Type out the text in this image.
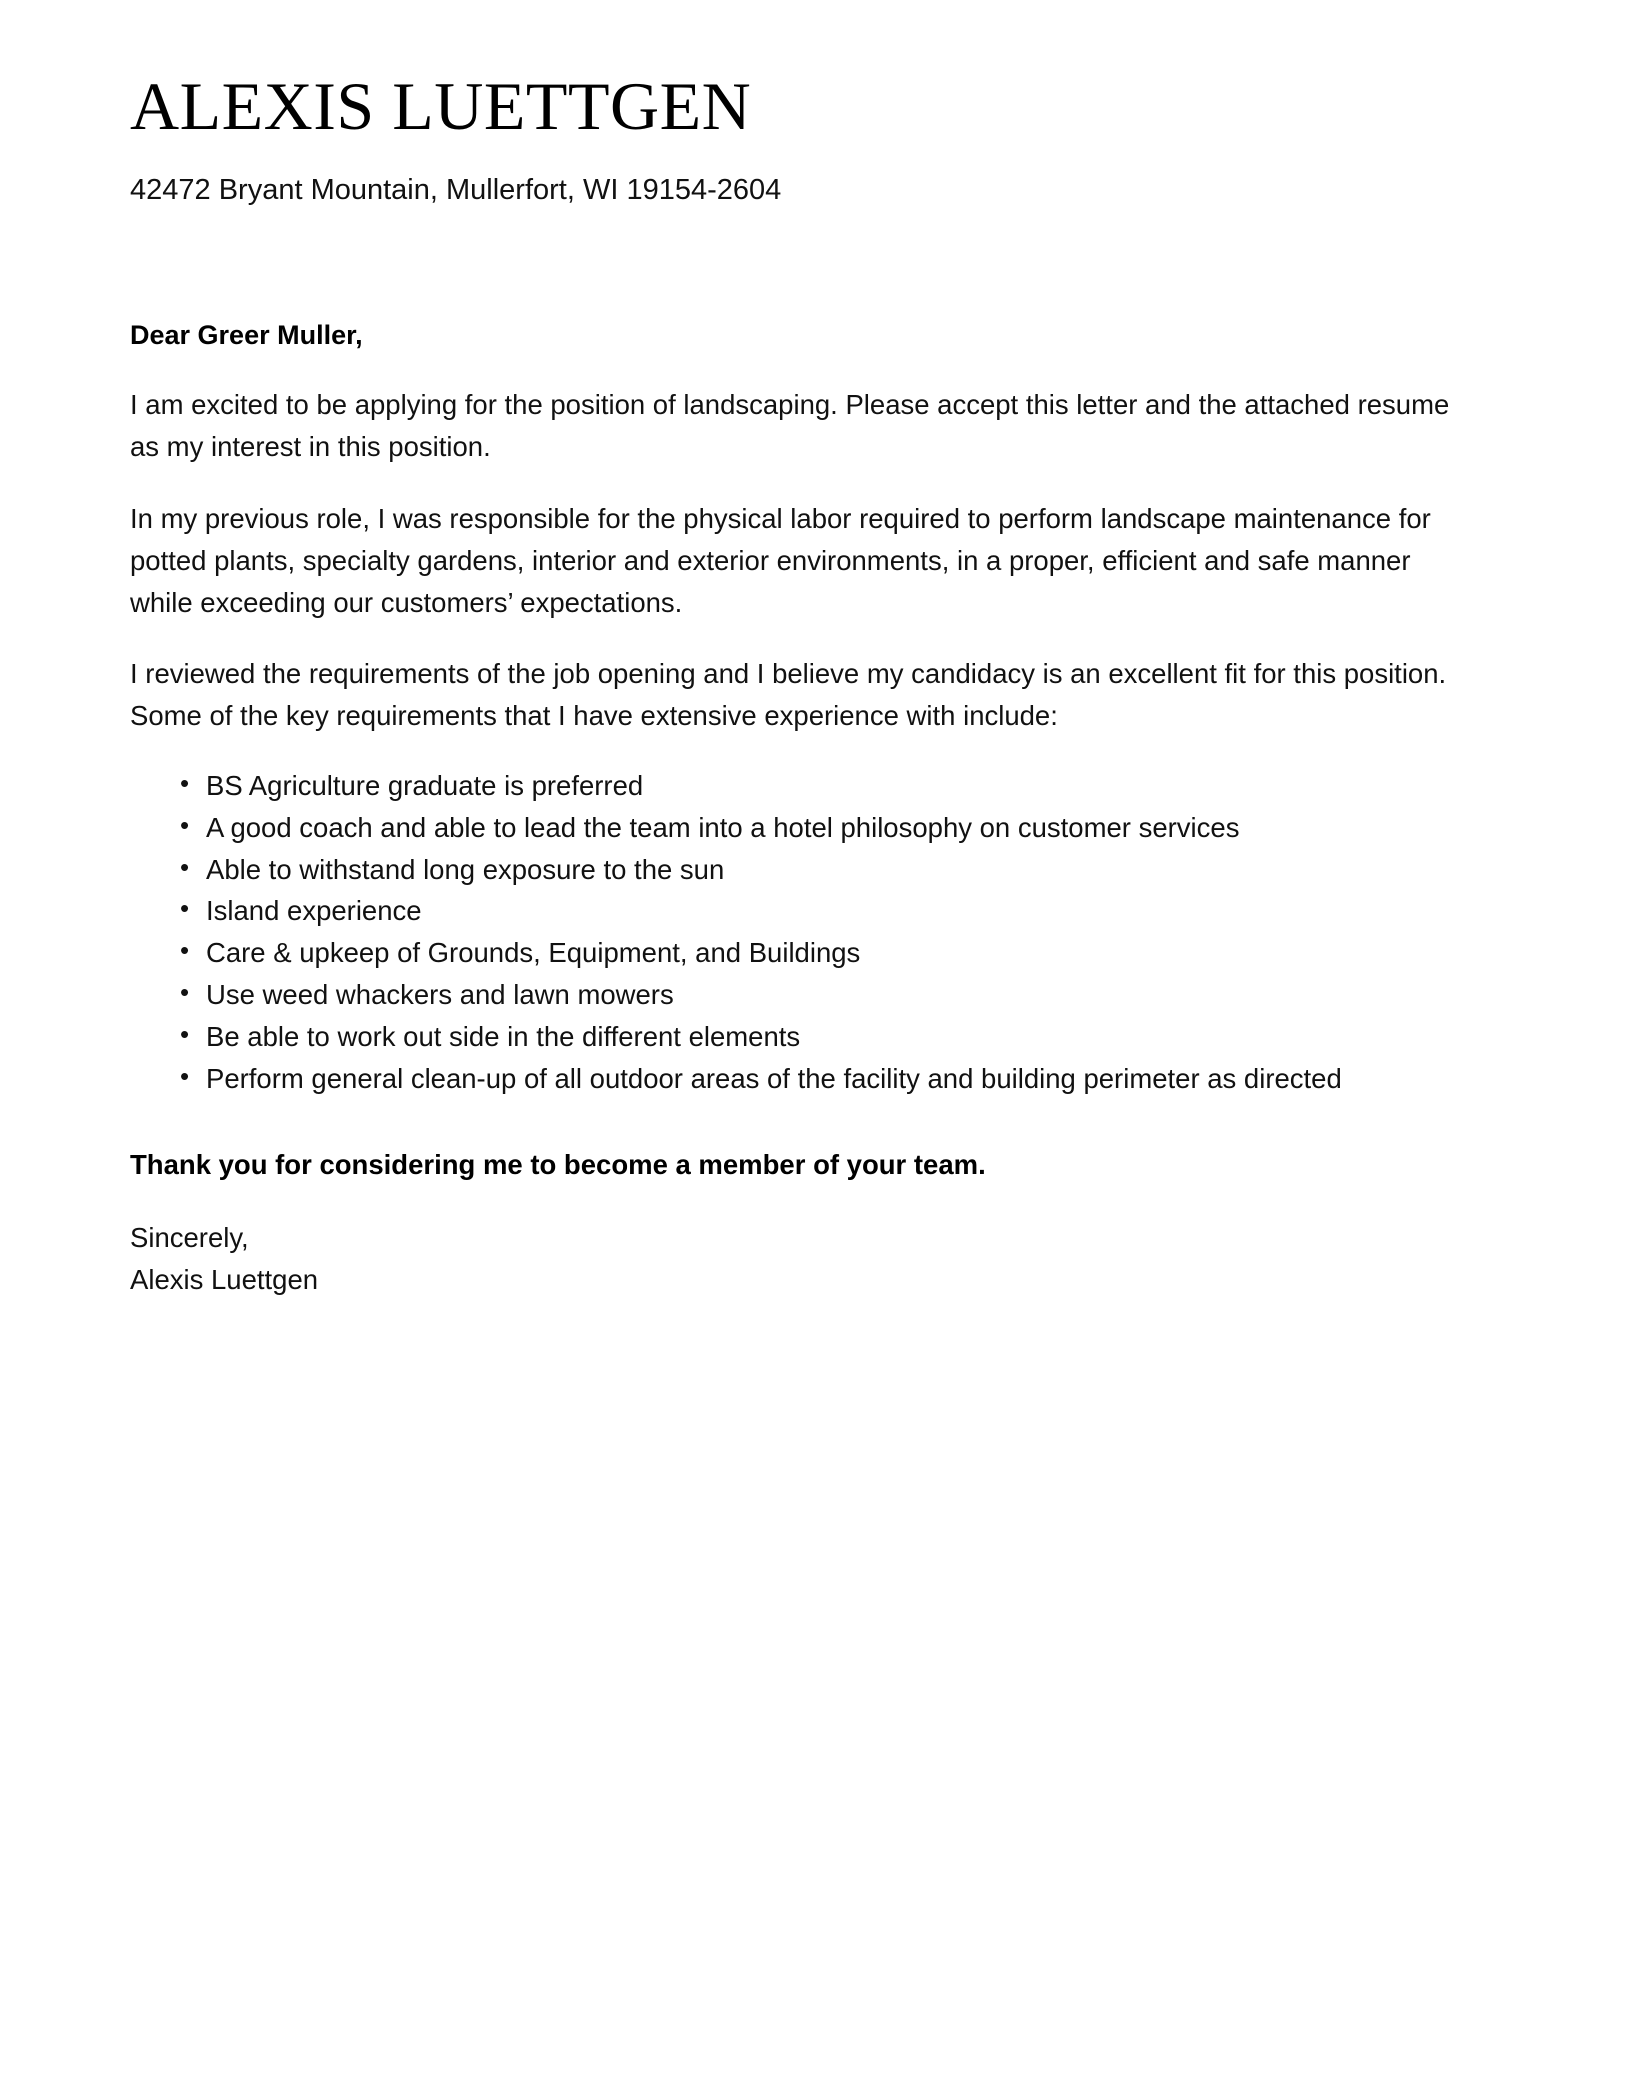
ALEXIS LUETTGEN

42472 Bryant Mountain, Mullerfort, WI 19154-2604

Dear Greer Muller,

I am excited to be applying for the position of landscaping. Please accept this letter and the attached resume as my interest in this position.

In my previous role, I was responsible for the physical labor required to perform landscape maintenance for potted plants, specialty gardens, interior and exterior environments, in a proper, efficient and safe manner while exceeding our customers’ expectations.

I reviewed the requirements of the job opening and I believe my candidacy is an excellent fit for this position. Some of the key requirements that I have extensive experience with include:

• BS Agriculture graduate is preferred
• A good coach and able to lead the team into a hotel philosophy on customer services
• Able to withstand long exposure to the sun
• Island experience
• Care & upkeep of Grounds, Equipment, and Buildings
• Use weed whackers and lawn mowers
• Be able to work out side in the different elements
• Perform general clean-up of all outdoor areas of the facility and building perimeter as directed

Thank you for considering me to become a member of your team.

Sincerely,

Alexis Luettgen
